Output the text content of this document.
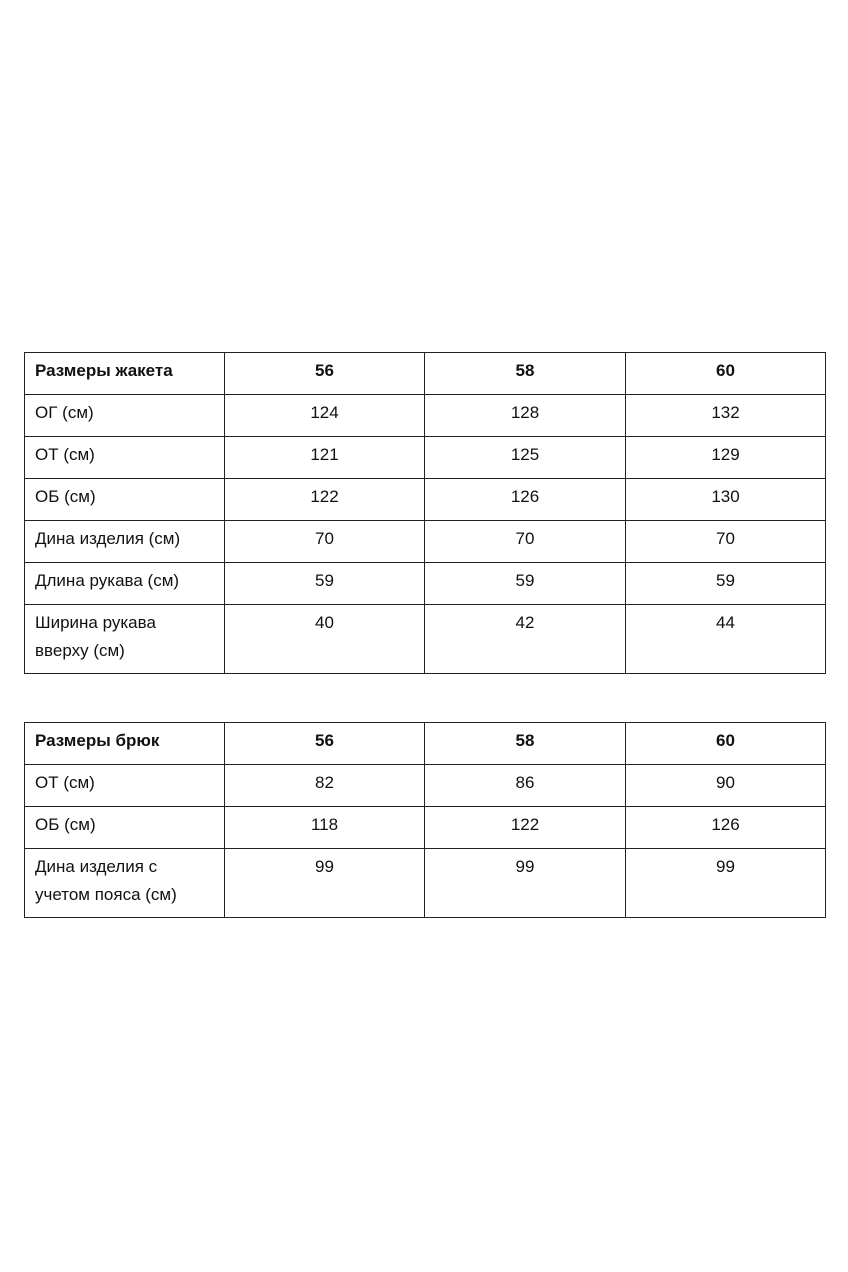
Размеры жакета	56	58	60
ОГ (см)	124	128	132
ОТ (см)	121	125	129
ОБ (см)	122	126	130
Дина изделия (см)	70	70	70
Длина рукава (см)	59	59	59
Ширина рукава
вверху (см)	40	42	44
Размеры брюк	56	58	60
ОТ (см)	82	86	90
ОБ (см)	118	122	126
Дина изделия с
учетом пояса (см)	99	99	99
